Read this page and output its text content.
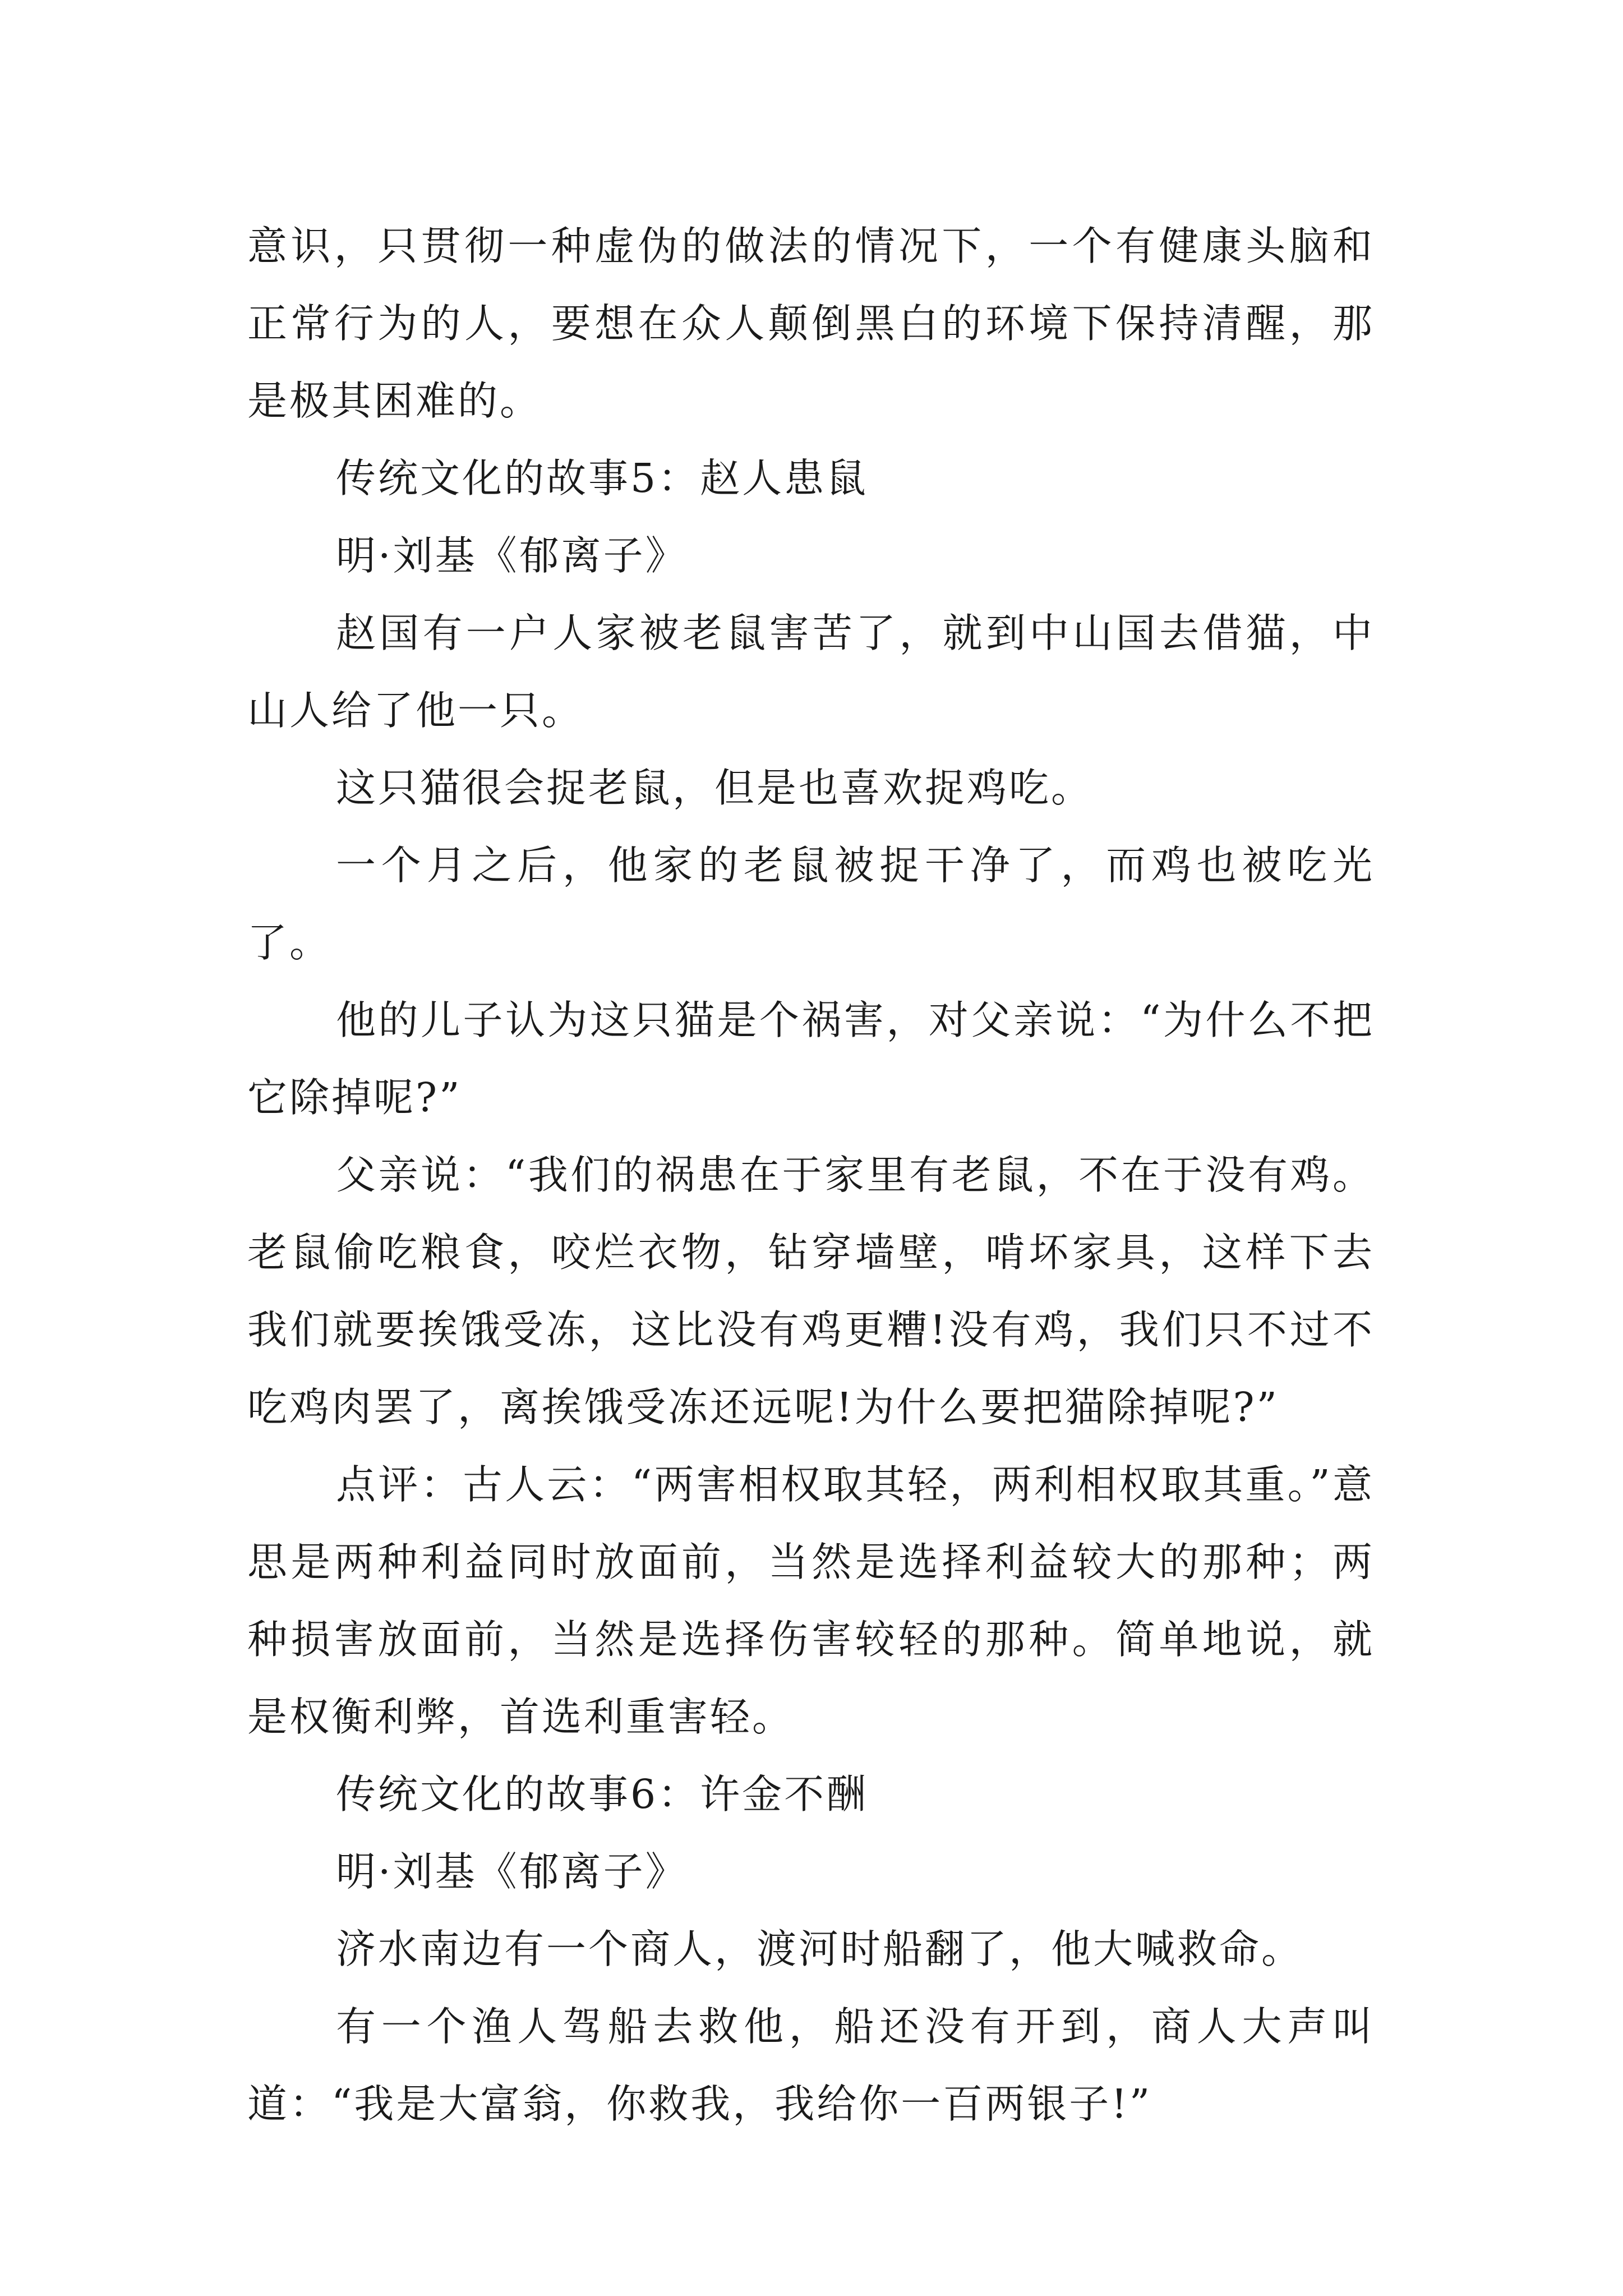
意识，只贯彻一种虚伪的做法的情况下，一个有健康头脑和正常行为的人，要想在众人颠倒黑白的环境下保持清醒，那是极其困难的。

传统文化的故事5：赵人患鼠

明·刘基《郁离子》

赵国有一户人家被老鼠害苦了，就到中山国去借猫，中山人给了他一只。

这只猫很会捉老鼠，但是也喜欢捉鸡吃。

一个月之后，他家的老鼠被捉干净了，而鸡也被吃光了。

他的儿子认为这只猫是个祸害，对父亲说：“为什么不把它除掉呢?”

父亲说：“我们的祸患在于家里有老鼠，不在于没有鸡。老鼠偷吃粮食，咬烂衣物，钻穿墙壁，啃坏家具，这样下去我们就要挨饿受冻，这比没有鸡更糟!没有鸡，我们只不过不吃鸡肉罢了，离挨饿受冻还远呢!为什么要把猫除掉呢?”

点评：古人云：“两害相权取其轻，两利相权取其重。”意思是两种利益同时放面前，当然是选择利益较大的那种；两种损害放面前，当然是选择伤害较轻的那种。简单地说，就是权衡利弊，首选利重害轻。

传统文化的故事6：许金不酬

明·刘基《郁离子》

济水南边有一个商人，渡河时船翻了，他大喊救命。

有一个渔人驾船去救他，船还没有开到，商人大声叫道：“我是大富翁，你救我，我给你一百两银子!”
